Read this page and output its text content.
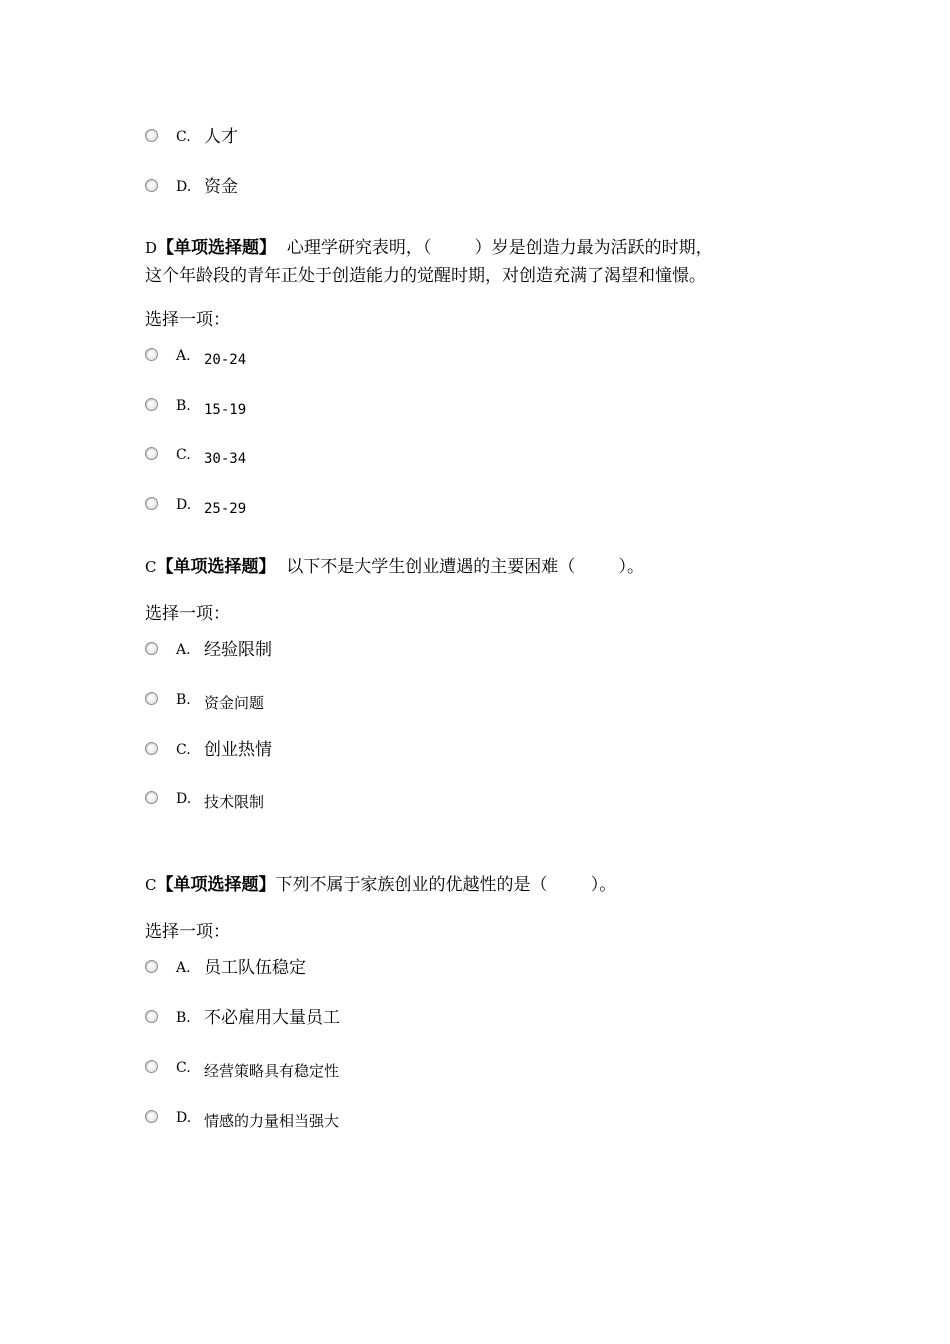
C. 人才
D. 资金
D【单项选择题】  心理学研究表明，（        ）岁是创造力最为活跃的时期，
这个年龄段的青年正处于创造能力的觉醒时期，对创造充满了渴望和憧憬。
选择一项：
A. 20-24
B. 15-19
C. 30-34
D. 25-29
C【单项选择题】  以下不是大学生创业遭遇的主要困难（        ）。
选择一项：
A. 经验限制
B. 资金问题
C. 创业热情
D. 技术限制
C【单项选择题】下列不属于家族创业的优越性的是（        ）。
选择一项：
A. 员工队伍稳定
B. 不必雇用大量员工
C. 经营策略具有稳定性
D. 情感的力量相当强大
